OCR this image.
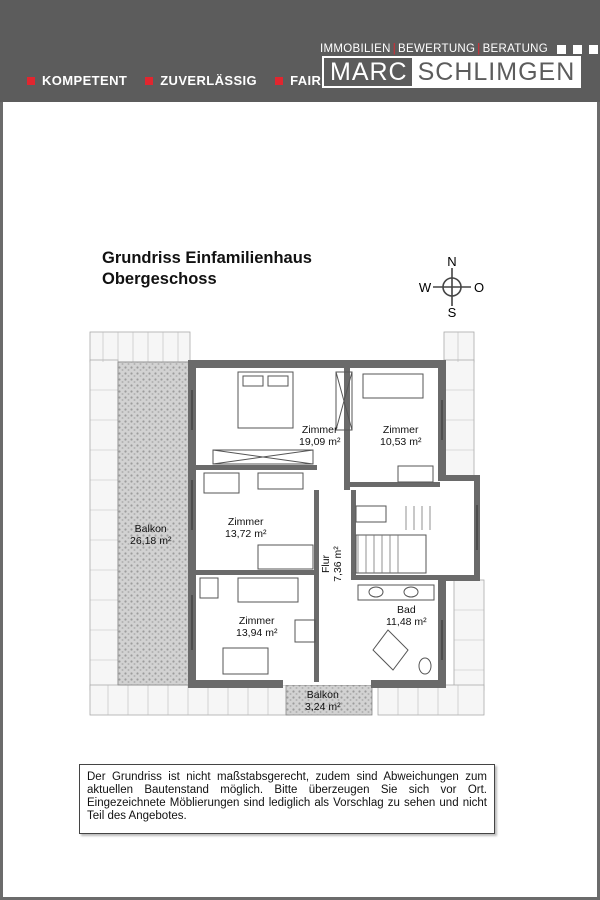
IMMOBILIEN | BEWERTUNG | BERATUNG
MARC SCHLIMGEN
KOMPETENT	ZUVERLÄSSIG	FAIR
Grundriss Einfamilienhaus
Obergeschoss
N
W	O
S
Zimmer
19,09 m²
Zimmer
10,53 m²
Zimmer
13,72 m²
Balkon
26,18 m²
Flur 7,36 m²
Bad
11,48 m²
Zimmer
13,94 m²
Balkon
3,24 m²
Der Grundriss ist nicht maßstabsgerecht, zudem sind Abweichungen zum aktuellen Bautenstand möglich. Bitte überzeugen Sie sich vor Ort. Eingezeichnete Möblierungen sind lediglich als Vorschlag zu sehen und nicht Teil des Angebotes.
